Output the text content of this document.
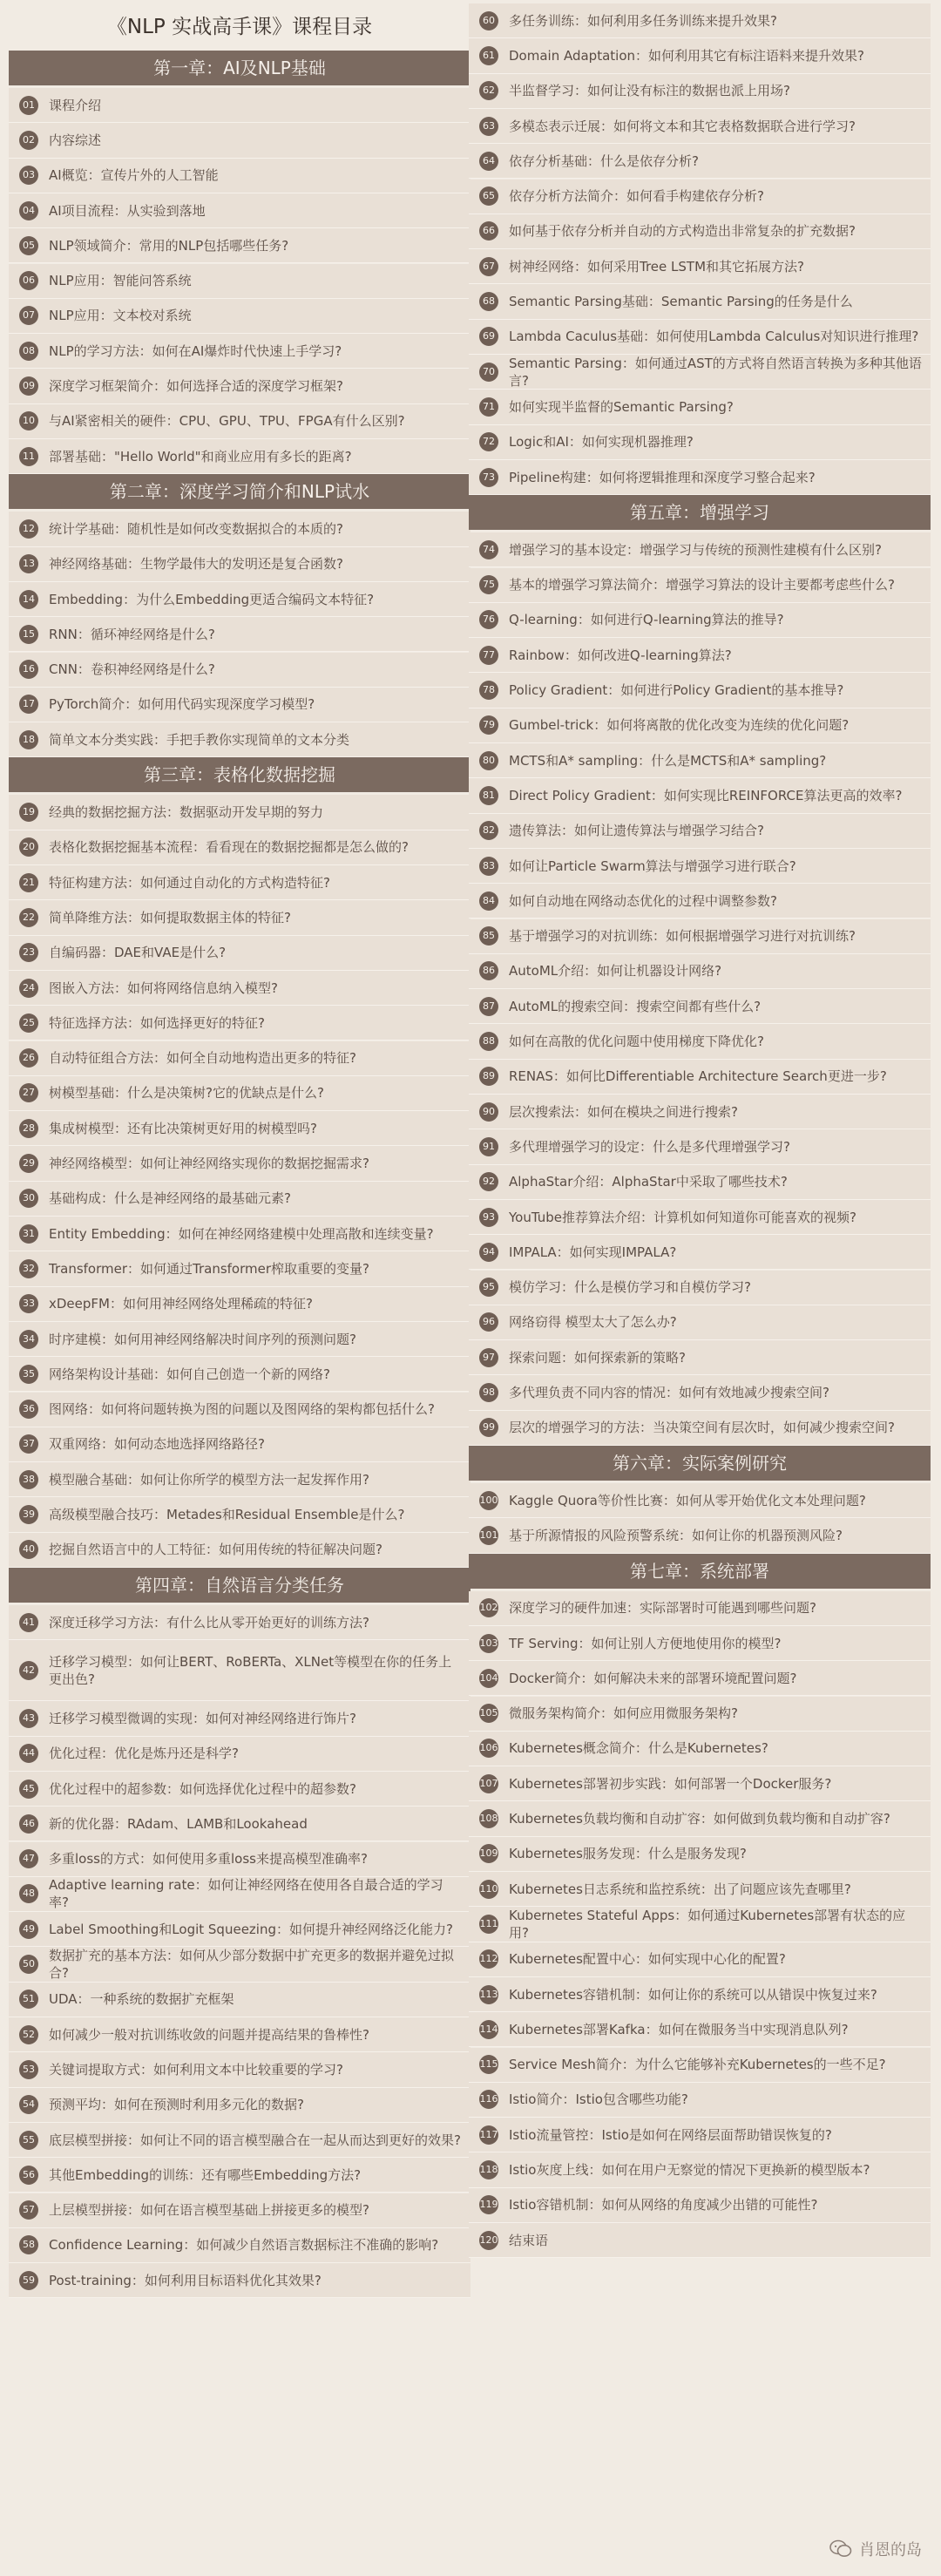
《NLP 实战高手课》课程目录
第一章：AI及NLP基础
01 课程介绍
02 内容综述
03 AI概览：宣传片外的人工智能
04 AI项目流程：从实验到落地
05 NLP领域简介：常用的NLP包括哪些任务?
06 NLP应用：智能问答系统
07 NLP应用：文本校对系统
08 NLP的学习方法：如何在AI爆炸时代快速上手学习?
09 深度学习框架简介：如何选择合适的深度学习框架?
10 与AI紧密相关的硬件：CPU、GPU、TPU、FPGA有什么区别?
11 部署基础："Hello World"和商业应用有多长的距离?
第二章：深度学习简介和NLP试水
12 统计学基础：随机性是如何改变数据拟合的本质的?
13 神经网络基础：生物学最伟大的发明还是复合函数?
14 Embedding：为什么Embedding更适合编码文本特征?
15 RNN：循环神经网络是什么?
16 CNN：卷积神经网络是什么?
17 PyTorch简介：如何用代码实现深度学习模型?
18 简单文本分类实践：手把手教你实现简单的文本分类
第三章：表格化数据挖掘
19 经典的数据挖掘方法：数据驱动开发早期的努力
20 表格化数据挖掘基本流程：看看现在的数据挖掘都是怎么做的?
21 特征构建方法：如何通过自动化的方式构造特征?
22 简单降维方法：如何提取数据主体的特征?
23 自编码器：DAE和VAE是什么?
24 图嵌入方法：如何将网络信息纳入模型?
25 特征选择方法：如何选择更好的特征?
26 自动特征组合方法：如何全自动地构造出更多的特征?
27 树模型基础：什么是决策树?它的优缺点是什么?
28 集成树模型：还有比决策树更好用的树模型吗?
29 神经网络模型：如何让神经网络实现你的数据挖掘需求?
30 基础构成：什么是神经网络的最基础元素?
31 Entity Embedding：如何在神经网络建模中处理高散和连续变量?
32 Transformer：如何通过Transformer榨取重要的变量?
33 xDeepFM：如何用神经网络处理稀疏的特征?
34 时序建模：如何用神经网络解决时间序列的预测问题?
35 网络架构设计基础：如何自己创造一个新的网络?
36 图网络：如何将问题转换为图的问题以及图网络的架构都包括什么?
37 双重网络：如何动态地选择网络路径?
38 模型融合基础：如何让你所学的模型方法一起发挥作用?
39 高级模型融合技巧：Metades和Residual Ensemble是什么?
40 挖掘自然语言中的人工特征：如何用传统的特征解决问题?
第四章：自然语言分类任务
41 深度迁移学习方法：有什么比从零开始更好的训练方法?
42
迁移学习模型：如何让BERT、RoBERTa、XLNet等模型在你的任务上更出色?
43 迁移学习模型微调的实现：如何对神经网络进行饰片?
44 优化过程：优化是炼丹还是科学?
45 优化过程中的超参数：如何选择优化过程中的超参数?
46 新的优化器：RAdam、LAMB和Lookahead
47 多重loss的方式：如何使用多重loss来提高模型准确率?
48
Adaptive learning rate：如何让神经网络在使用各自最合适的学习率?
49 Label Smoothing和Logit Squeezing：如何提升神经网络泛化能力?
50
数据扩充的基本方法：如何从少部分数据中扩充更多的数据并避免过拟合?
51 UDA：一种系统的数据扩充框架
52 如何减少一般对抗训练收敛的问题并提高结果的鲁棒性?
53 关键词提取方式：如何利用文本中比较重要的学习?
54 预测平均：如何在预测时利用多元化的数据?
55 底层模型拼接：如何让不同的语言模型融合在一起从而达到更好的效果?
56 其他Embedding的训练：还有哪些Embedding方法?
57 上层模型拼接：如何在语言模型基础上拼接更多的模型?
58 Confidence Learning：如何减少自然语言数据标注不准确的影响?
59 Post-training：如何利用目标语料优化其效果?
60 多任务训练：如何利用多任务训练来提升效果?
61 Domain Adaptation：如何利用其它有标注语料来提升效果?
62 半监督学习：如何让没有标注的数据也派上用场?
63 多模态表示迁展：如何将文本和其它表格数据联合进行学习?
64 依存分析基础：什么是依存分析?
65 依存分析方法简介：如何看手构建依存分析?
66 如何基于依存分析并自动的方式构造出非常复杂的扩充数据?
67 树神经网络：如何采用Tree LSTM和其它拓展方法?
68 Semantic Parsing基础：Semantic Parsing的任务是什么
69 Lambda Caculus基础：如何使用Lambda Calculus对知识进行推理?
70
Semantic Parsing：如何通过AST的方式将自然语言转换为多种其他语言?
71 如何实现半监督的Semantic Parsing?
72 Logic和AI：如何实现机器推理?
73 Pipeline构建：如何将逻辑推理和深度学习整合起来?
第五章：增强学习
74 增强学习的基本设定：增强学习与传统的预测性建模有什么区别?
75 基本的增强学习算法简介：增强学习算法的设计主要都考虑些什么?
76 Q-learning：如何进行Q-learning算法的推导?
77 Rainbow：如何改进Q-learning算法?
78 Policy Gradient：如何进行Policy Gradient的基本推导?
79 Gumbel-trick：如何将离散的优化改变为连续的优化问题?
80 MCTS和A* sampling：什么是MCTS和A* sampling?
81 Direct Policy Gradient：如何实现比REINFORCE算法更高的效率?
82 遗传算法：如何让遗传算法与增强学习结合?
83 如何让Particle Swarm算法与增强学习进行联合?
84 如何自动地在网络动态优化的过程中调整参数?
85 基于增强学习的对抗训练：如何根据增强学习进行对抗训练?
86 AutoML介绍：如何让机器设计网络?
87 AutoML的搜索空间：搜索空间都有些什么?
88 如何在高散的优化问题中使用梯度下降优化?
89 RENAS：如何比Differentiable Architecture Search更进一步?
90 层次搜索法：如何在模块之间进行搜索?
91 多代理增强学习的设定：什么是多代理增强学习?
92 AlphaStar介绍：AlphaStar中采取了哪些技术?
93 YouTube推荐算法介绍：计算机如何知道你可能喜欢的视频?
94 IMPALA：如何实现IMPALA?
95 模仿学习：什么是模仿学习和自模仿学习?
96 网络窃得 模型太大了怎么办?
97 探索问题：如何探索新的策略?
98 多代理负责不同内容的情况：如何有效地减少搜索空间?
99 层次的增强学习的方法：当决策空间有层次时，如何减少搜索空间?
第六章：实际案例研究
100 Kaggle Quora等价性比赛：如何从零开始优化文本处理问题?
101 基于所源情报的风险预警系统：如何让你的机器预测风险?
第七章：系统部署
102 深度学习的硬件加速：实际部署时可能遇到哪些问题?
103 TF Serving：如何让别人方便地使用你的模型?
104 Docker简介：如何解决未来的部署环境配置问题?
105 微服务架构简介：如何应用微服务架构?
106 Kubernetes概念简介：什么是Kubernetes?
107 Kubernetes部署初步实践：如何部署一个Docker服务?
108 Kubernetes负载均衡和自动扩容：如何做到负载均衡和自动扩容?
109 Kubernetes服务发现：什么是服务发现?
110 Kubernetes日志系统和监控系统：出了问题应该先查哪里?
111
Kubernetes Stateful Apps：如何通过Kubernetes部署有状态的应用?
112 Kubernetes配置中心：如何实现中心化的配置?
113 Kubernetes容错机制：如何让你的系统可以从错误中恢复过来?
114 Kubernetes部署Kafka：如何在微服务当中实现消息队列?
115 Service Mesh简介：为什么它能够补充Kubernetes的一些不足?
116 Istio简介：Istio包含哪些功能?
117 Istio流量管控：Istio是如何在网络层面帮助错误恢复的?
118 Istio灰度上线：如何在用户无察觉的情况下更换新的模型版本?
119 Istio容错机制：如何从网络的角度减少出错的可能性?
120 结束语
肖恩的岛
